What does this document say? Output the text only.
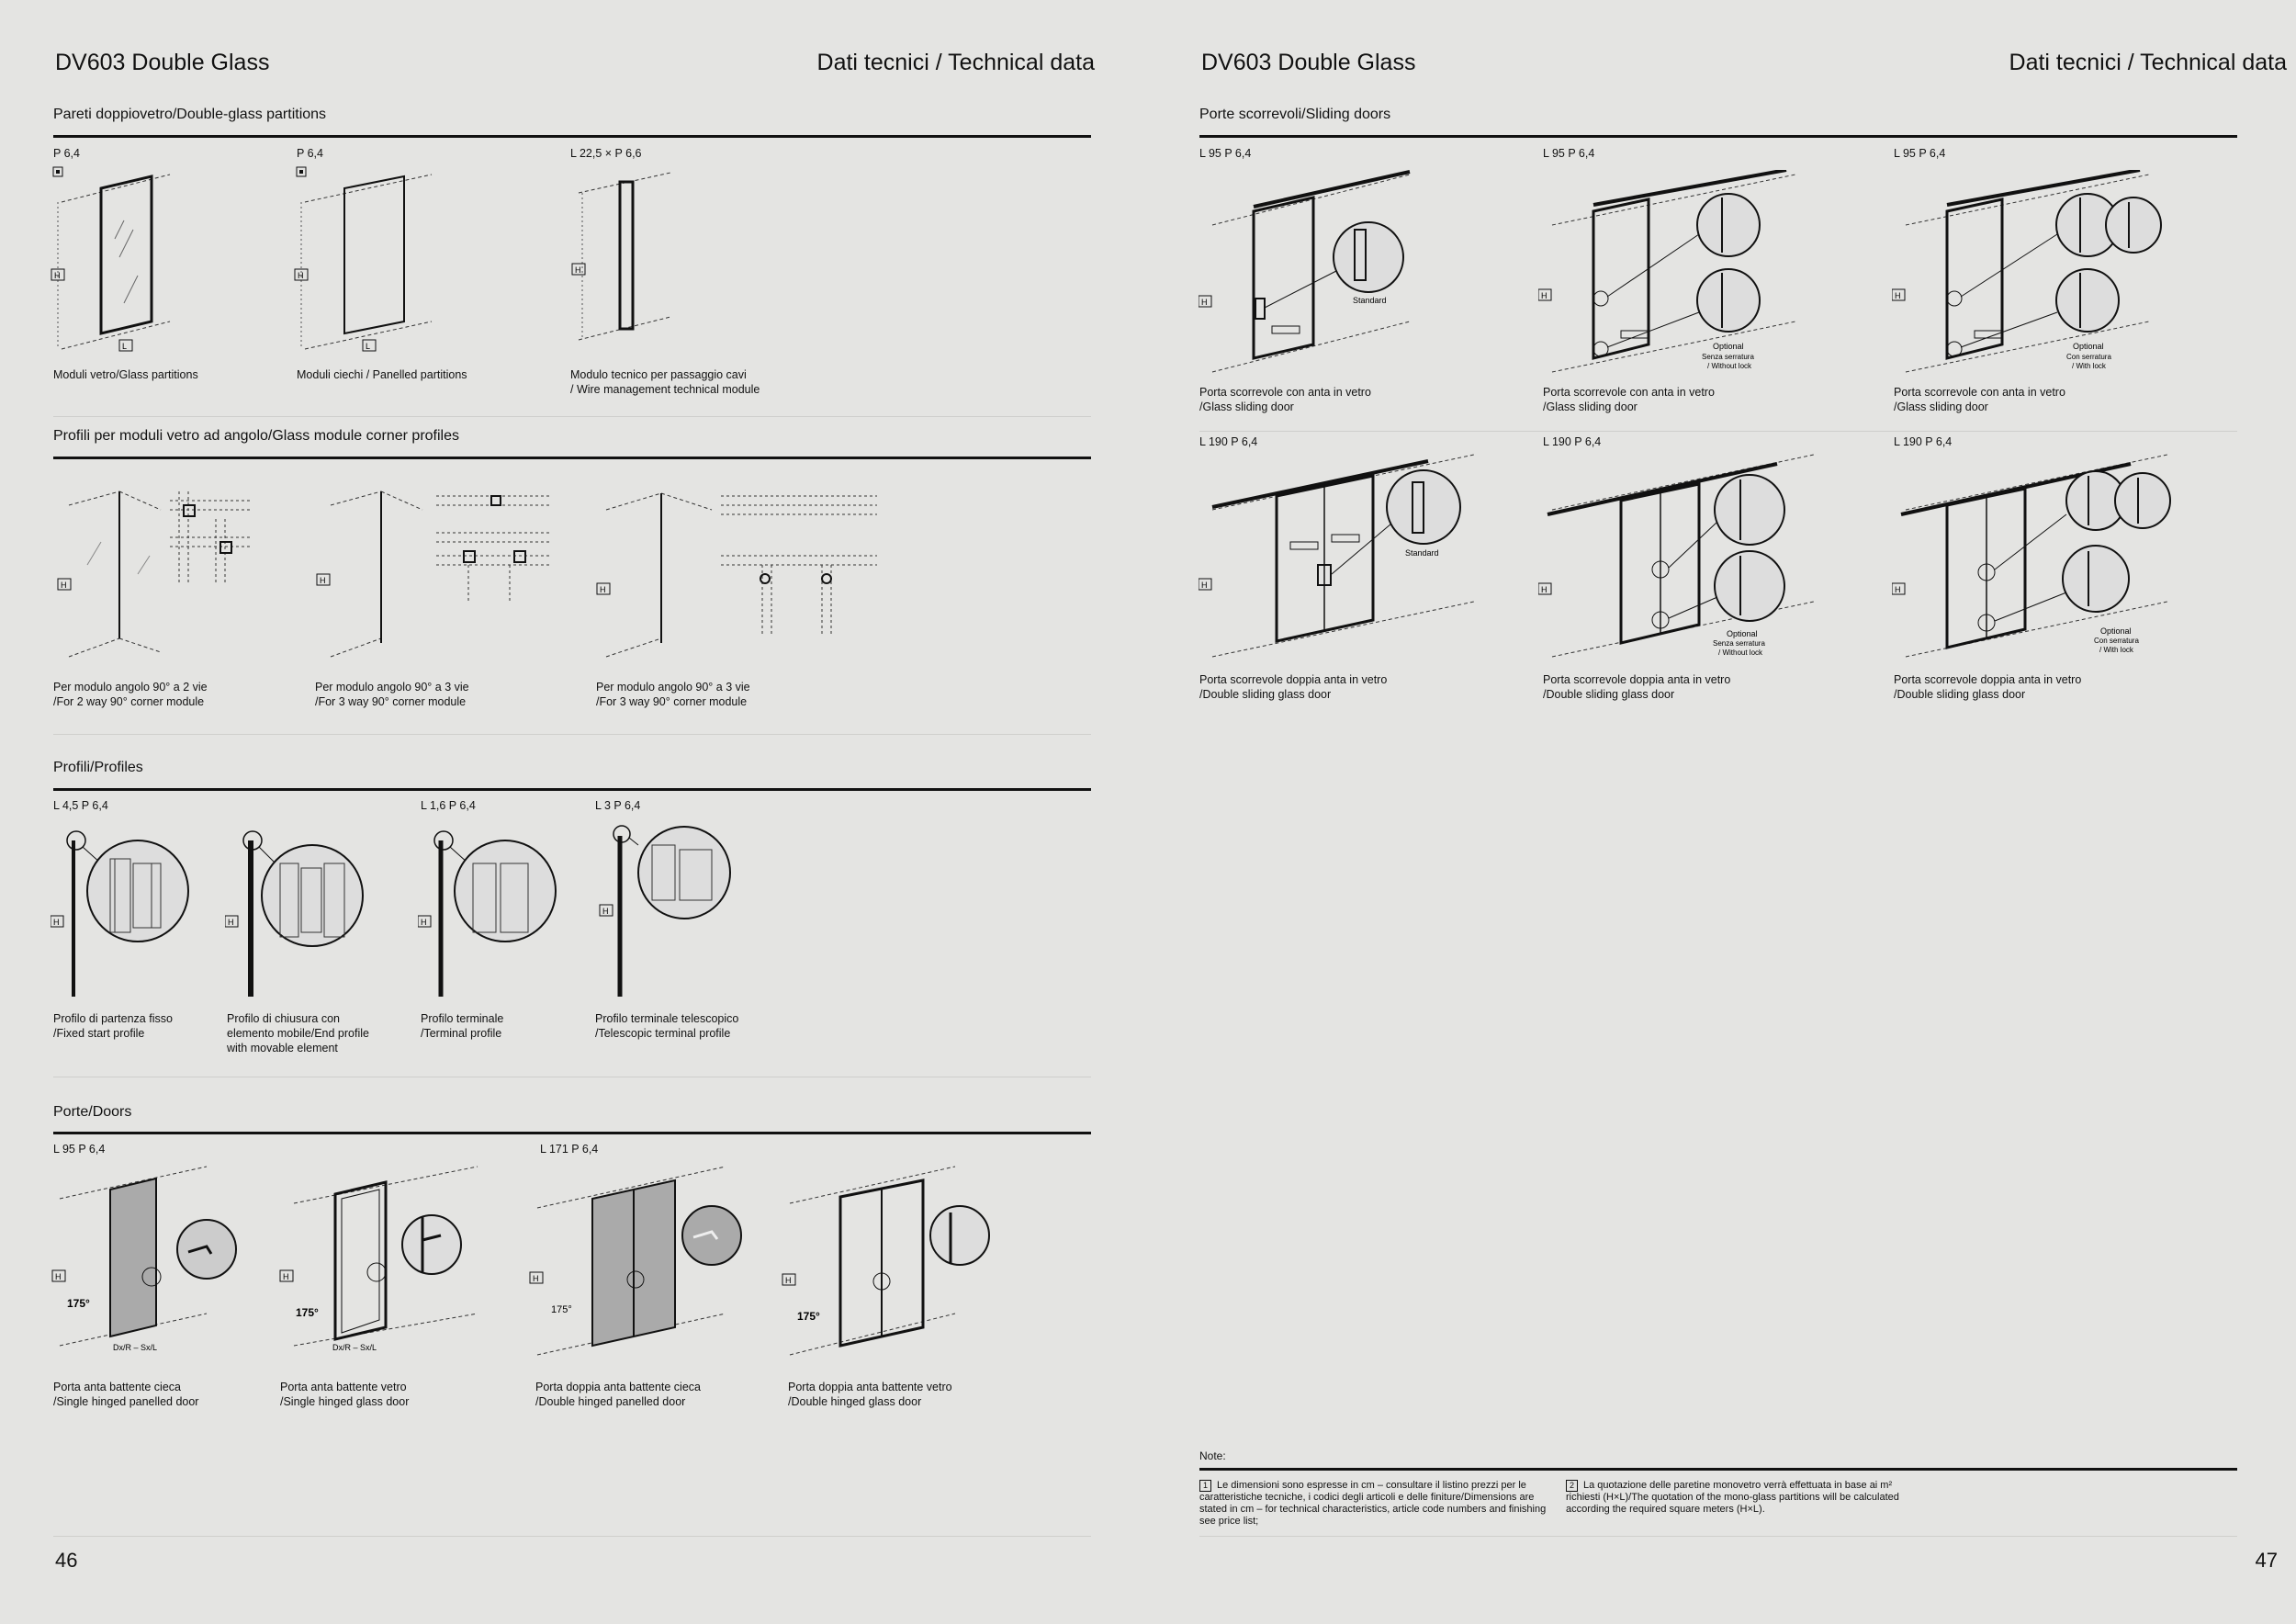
DV603 Double Glass	Dati tecnici / Technical data
Pareti doppiovetro/Double-glass partitions
P 6,4	P 6,4	L 22,5 × P 6,6
H
L
H
L
H
Moduli vetro/Glass partitions	Moduli ciechi / Panelled partitions	Modulo tecnico per passaggio cavi
/ Wire management technical module
Profili per moduli vetro ad angolo/Glass module corner profiles
H	H
H
Per modulo angolo 90° a 2 vie
/For 2 way 90° corner module
Per modulo angolo 90° a 3 vie
/For 3 way 90° corner module
Per modulo angolo 90° a 3 vie
/For 3 way 90° corner module
Profili/Profiles
L 4,5 P 6,4	L 1,6 P 6,4	L 3 P 6,4
H	H	H
H
Profilo di partenza fisso
/Fixed start profile
Profilo di chiusura con
elemento mobile/End profile
with movable element
Profilo terminale
/Terminal profile
Profilo terminale telescopico
/Telescopic terminal profile
Porte/Doors
L 95 P 6,4	L 171 P 6,4
H
175°
Dx/R – Sx/L
H
175°
Dx/R – Sx/L
H
175°
H
175°
Porta anta battente cieca
/Single hinged panelled door
Porta anta battente vetro
/Single hinged glass door
Porta doppia anta battente cieca
/Double hinged panelled door
Porta doppia anta battente vetro
/Double hinged glass door
46
DV603 Double Glass	Dati tecnici / Technical data
Porte scorrevoli/Sliding doors
L 95 P 6,4	L 95 P 6,4	L 95 P 6,4
Standard
H
Optional
Senza serratura
/ Without lock
H
Optional
Con serratura
/ With lock
H
Porta scorrevole con anta in vetro
/Glass sliding door
Porta scorrevole con anta in vetro
/Glass sliding door
Porta scorrevole con anta in vetro
/Glass sliding door
L 190 P 6,4	L 190 P 6,4	L 190 P 6,4
Standard
H
Optional
Senza serratura
/ Without lock
H
Optional
Con serratura
/ With lock
H
Porta scorrevole doppia anta in vetro
/Double sliding glass door
Porta scorrevole doppia anta in vetro
/Double sliding glass door
Porta scorrevole doppia anta in vetro
/Double sliding glass door
Note:
1 Le dimensioni sono espresse in cm – consultare il listino prezzi per le caratteristiche tecniche, i codici degli articoli e delle finiture/Dimensions are stated in cm – for technical characteristics, article code numbers and finishing see price list;
2 La quotazione delle paretine monovetro verrà effettuata in base ai m² richiesti (H×L)/The quotation of the mono-glass partitions will be calculated according the required square meters (H×L).
47
